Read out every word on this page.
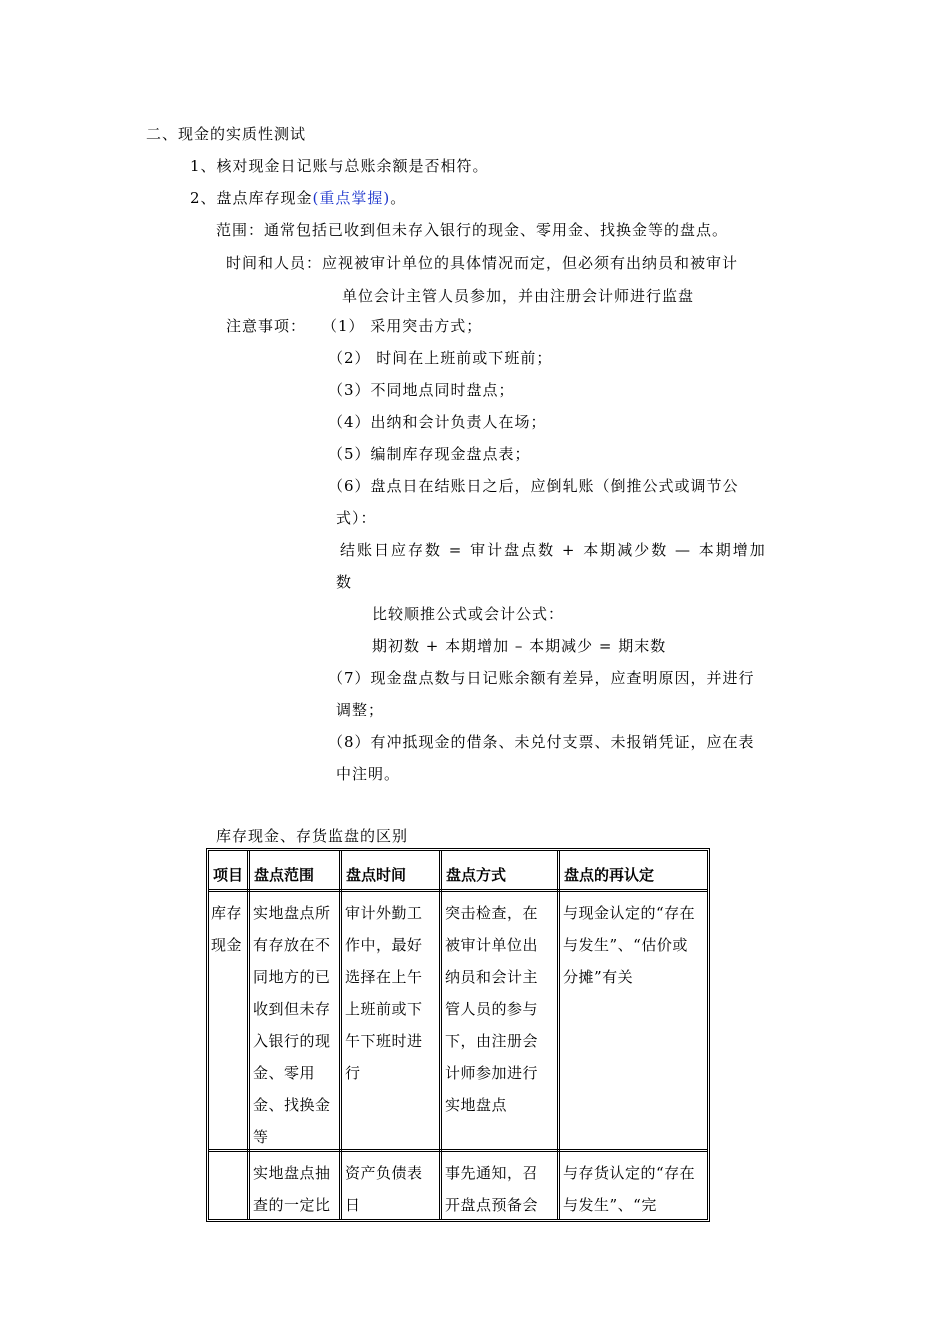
二、现金的实质性测试
1、核对现金日记账与总账余额是否相符。
2、盘点库存现金(重点掌握)。
范围：通常包括已收到但未存入银行的现金、零用金、找换金等的盘点。
时间和人员：应视被审计单位的具体情况而定，但必须有出纳员和被审计
单位会计主管人员参加，并由注册会计师进行监盘
注意事项： （1） 采用突击方式；
（2） 时间在上班前或下班前；
（3）不同地点同时盘点；
（4）出纳和会计负责人在场；
（5）编制库存现金盘点表；
（6）盘点日在结账日之后，应倒轧账（倒推公式或调节公
式）：
结账日应存数 = 审计盘点数 + 本期减少数 — 本期增加
数
比较顺推公式或会计公式：
期初数 + 本期增加 – 本期减少 = 期末数
（7）现金盘点数与日记账余额有差异，应查明原因，并进行
调整；
（8）有冲抵现金的借条、未兑付支票、未报销凭证，应在表
中注明。
库存现金、存货监盘的区别
项目 盘点范围 盘点时间	盘点方式	盘点的再认定
库存现金
实地盘点所有存放在不同地方的已收到但未存入银行的现金、零用金、找换金等
审计外勤工作中，最好选择在上午上班前或下午下班时进行
突击检查，在被审计单位出纳员和会计主管人员的参与下，由注册会计师参加进行实地盘点
与现金认定的“存在与发生”、“估价或分摊”有关
实地盘点抽查的一定比
资产负债表日
事先通知，召开盘点预备会
与存货认定的“存在与发生”、“完
